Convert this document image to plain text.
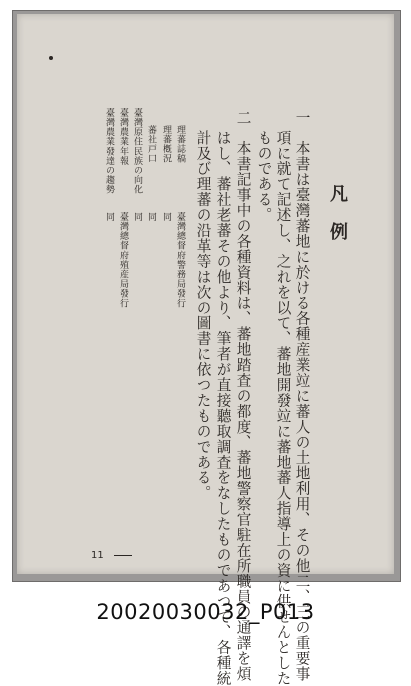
凡例
一　本書は臺灣蕃地に於ける各種産業竝に蕃人の土地利用、その他二、三の重要事
項に就て記述し、之れを以て、蕃地開發竝に蕃地蕃人指導上の資に供せんとした
ものである。
二　本書記事中の各種資料は、蕃地踏査の都度、蕃地警察官駐在所職員の通譯を煩
はし、蕃社老蕃その他より、筆者が直接聽取調査をなしたものであつて、各種統
計及び理蕃の沿革等は次の圖書に依つたものである。
理蕃誌稿
臺灣總督府警務局發行
理蕃槪況
同
蕃社戸口
同
臺灣原住民族の向化
同
臺灣農業年報
臺灣總督府殖産局發行
臺灣農業發達の趨勢
同
11
20020030032_P013
